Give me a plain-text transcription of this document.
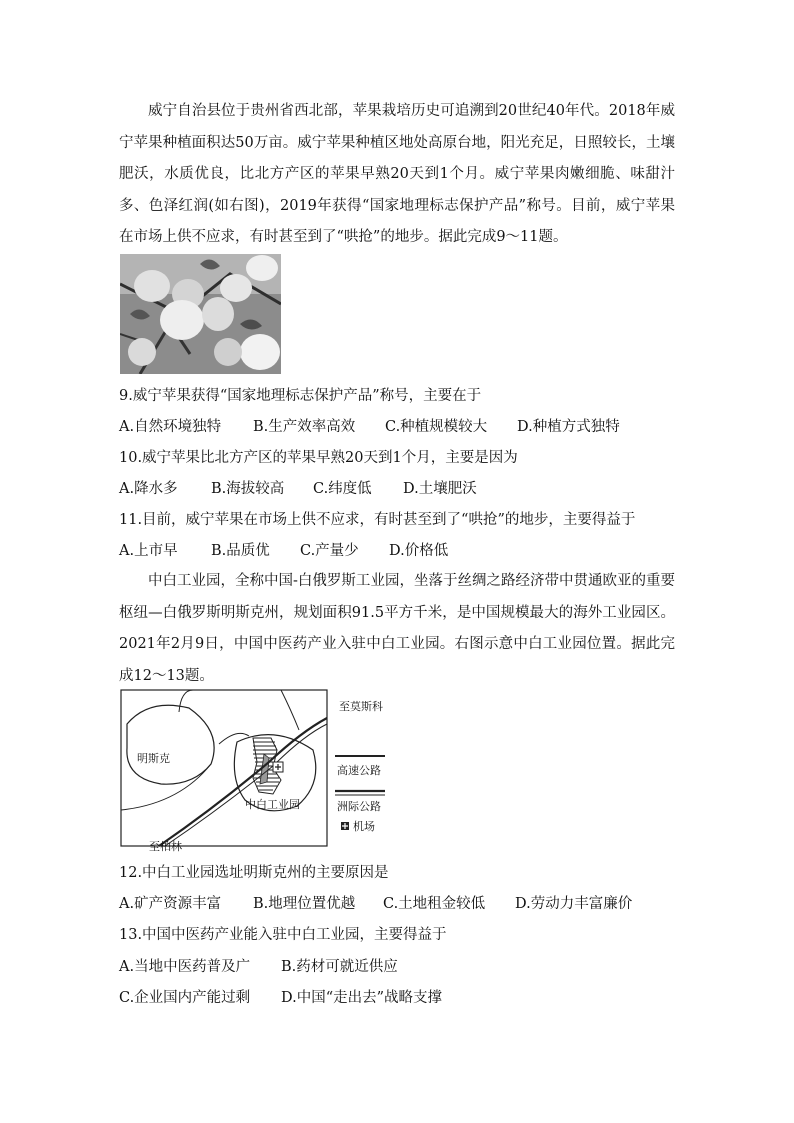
威宁自治县位于贵州省西北部，苹果栽培历史可追溯到20世纪40年代。2018年威宁苹果种植面积达50万亩。威宁苹果种植区地处高原台地，阳光充足，日照较长，土壤肥沃，水质优良，比北方产区的苹果早熟20天到1个月。威宁苹果肉嫩细脆、味甜汁多、色泽红润(如右图)，2019年获得“国家地理标志保护产品”称号。目前，威宁苹果在市场上供不应求，有时甚至到了“哄抢”的地步。据此完成9～11题。

9.威宁苹果获得“国家地理标志保护产品”称号，主要在于
A.自然环境独特 B.生产效率高效 C.种植规模较大 D.种植方式独特
10.威宁苹果比北方产区的苹果早熟20天到1个月，主要是因为
A.降水多 B.海拔较高 C.纬度低 D.土壤肥沃
11.目前，威宁苹果在市场上供不应求，有时甚至到了“哄抢”的地步，主要得益于
A.上市早 B.品质优 C.产量少 D.价格低

中白工业园，全称中国-白俄罗斯工业园，坐落于丝绸之路经济带中贯通欧亚的重要枢纽—白俄罗斯明斯克州，规划面积91.5平方千米，是中国规模最大的海外工业园区。2021年2月9日，中国中医药产业入驻中白工业园。右图示意中白工业园位置。据此完成12～13题。

至莫斯科
明斯克
中白工业园
至柏林
高速公路
洲际公路
机场
12.中白工业园选址明斯克州的主要原因是
A.矿产资源丰富 B.地理位置优越 C.土地租金较低 D.劳动力丰富廉价
13.中国中医药产业能入驻中白工业园，主要得益于
A.当地中医药普及广 B.药材可就近供应
C.企业国内产能过剩 D.中国“走出去”战略支撑
